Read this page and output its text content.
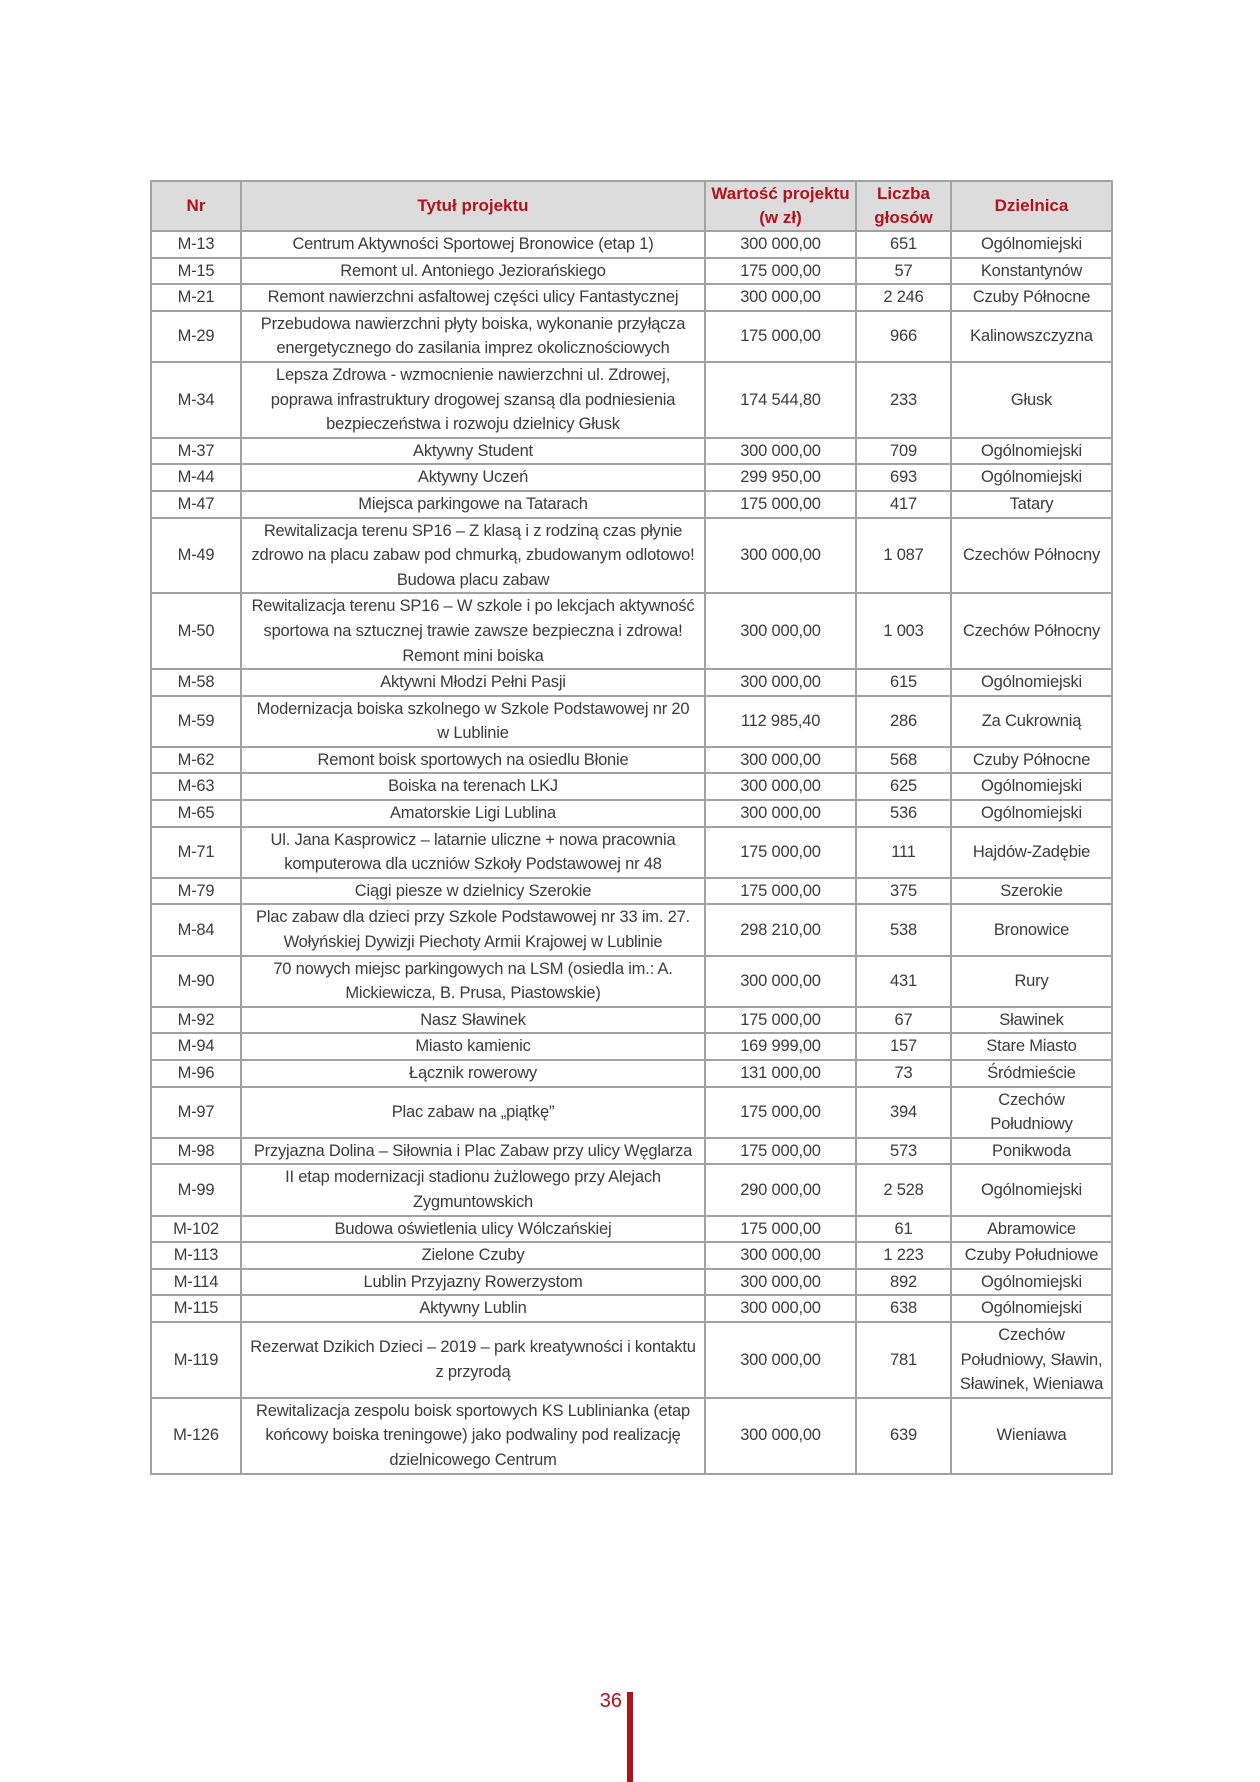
Nr	Tytuł projektu	Wartość projektu (w zł)	Liczba głosów	Dzielnica
M-13	Centrum Aktywności Sportowej Bronowice (etap 1)	300 000,00	651	Ogólnomiejski
M-15	Remont ul. Antoniego Jeziorańskiego	175 000,00	57	Konstantynów
M-21	Remont nawierzchni asfaltowej części ulicy Fantastycznej	300 000,00	2 246	Czuby Północne
M-29	Przebudowa nawierzchni płyty boiska, wykonanie przyłącza energetycznego do zasilania imprez okolicznościowych	175 000,00	966	Kalinowszczyzna
M-34	Lepsza Zdrowa - wzmocnienie nawierzchni ul. Zdrowej, poprawa infrastruktury drogowej szansą dla podniesienia bezpieczeństwa i rozwoju dzielnicy Głusk	174 544,80	233	Głusk
M-37	Aktywny Student	300 000,00	709	Ogólnomiejski
M-44	Aktywny Uczeń	299 950,00	693	Ogólnomiejski
M-47	Miejsca parkingowe na Tatarach	175 000,00	417	Tatary
M-49	Rewitalizacja terenu SP16 – Z klasą i z rodziną czas płynie zdrowo na placu zabaw pod chmurką, zbudowanym odlotowo! Budowa placu zabaw	300 000,00	1 087	Czechów Północny
M-50	Rewitalizacja terenu SP16 – W szkole i po lekcjach aktywność sportowa na sztucznej trawie zawsze bezpieczna i zdrowa! Remont mini boiska	300 000,00	1 003	Czechów Północny
M-58	Aktywni Młodzi Pełni Pasji	300 000,00	615	Ogólnomiejski
M-59	Modernizacja boiska szkolnego w Szkole Podstawowej nr 20 w Lublinie	112 985,40	286	Za Cukrownią
M-62	Remont boisk sportowych na osiedlu Błonie	300 000,00	568	Czuby Północne
M-63	Boiska na terenach LKJ	300 000,00	625	Ogólnomiejski
M-65	Amatorskie Ligi Lublina	300 000,00	536	Ogólnomiejski
M-71	Ul. Jana Kasprowicz – latarnie uliczne + nowa pracownia komputerowa dla uczniów Szkoły Podstawowej nr 48	175 000,00	111	Hajdów-Zadębie
M-79	Ciągi piesze w dzielnicy Szerokie	175 000,00	375	Szerokie
M-84	Plac zabaw dla dzieci przy Szkole Podstawowej nr 33 im. 27. Wołyńskiej Dywizji Piechoty Armii Krajowej w Lublinie	298 210,00	538	Bronowice
M-90	70 nowych miejsc parkingowych na LSM (osiedla im.: A. Mickiewicza, B. Prusa, Piastowskie)	300 000,00	431	Rury
M-92	Nasz Sławinek	175 000,00	67	Sławinek
M-94	Miasto kamienic	169 999,00	157	Stare Miasto
M-96	Łącznik rowerowy	131 000,00	73	Śródmieście
M-97	Plac zabaw na „piątkę”	175 000,00	394	Czechów Południowy
M-98	Przyjazna Dolina – Siłownia i Plac Zabaw przy ulicy Węglarza	175 000,00	573	Ponikwoda
M-99	II etap modernizacji stadionu żużlowego przy Alejach Zygmuntowskich	290 000,00	2 528	Ogólnomiejski
M-102	Budowa oświetlenia ulicy Wólczańskiej	175 000,00	61	Abramowice
M-113	Zielone Czuby	300 000,00	1 223	Czuby Południowe
M-114	Lublin Przyjazny Rowerzystom	300 000,00	892	Ogólnomiejski
M-115	Aktywny Lublin	300 000,00	638	Ogólnomiejski
M-119	Rezerwat Dzikich Dzieci – 2019 – park kreatywności i kontaktu z przyrodą	300 000,00	781	Czechów Południowy, Sławin, Sławinek, Wieniawa
M-126	Rewitalizacja zespolu boisk sportowych KS Lublinianka (etap końcowy boiska treningowe) jako podwaliny pod realizację dzielnicowego Centrum	300 000,00	639	Wieniawa
36
